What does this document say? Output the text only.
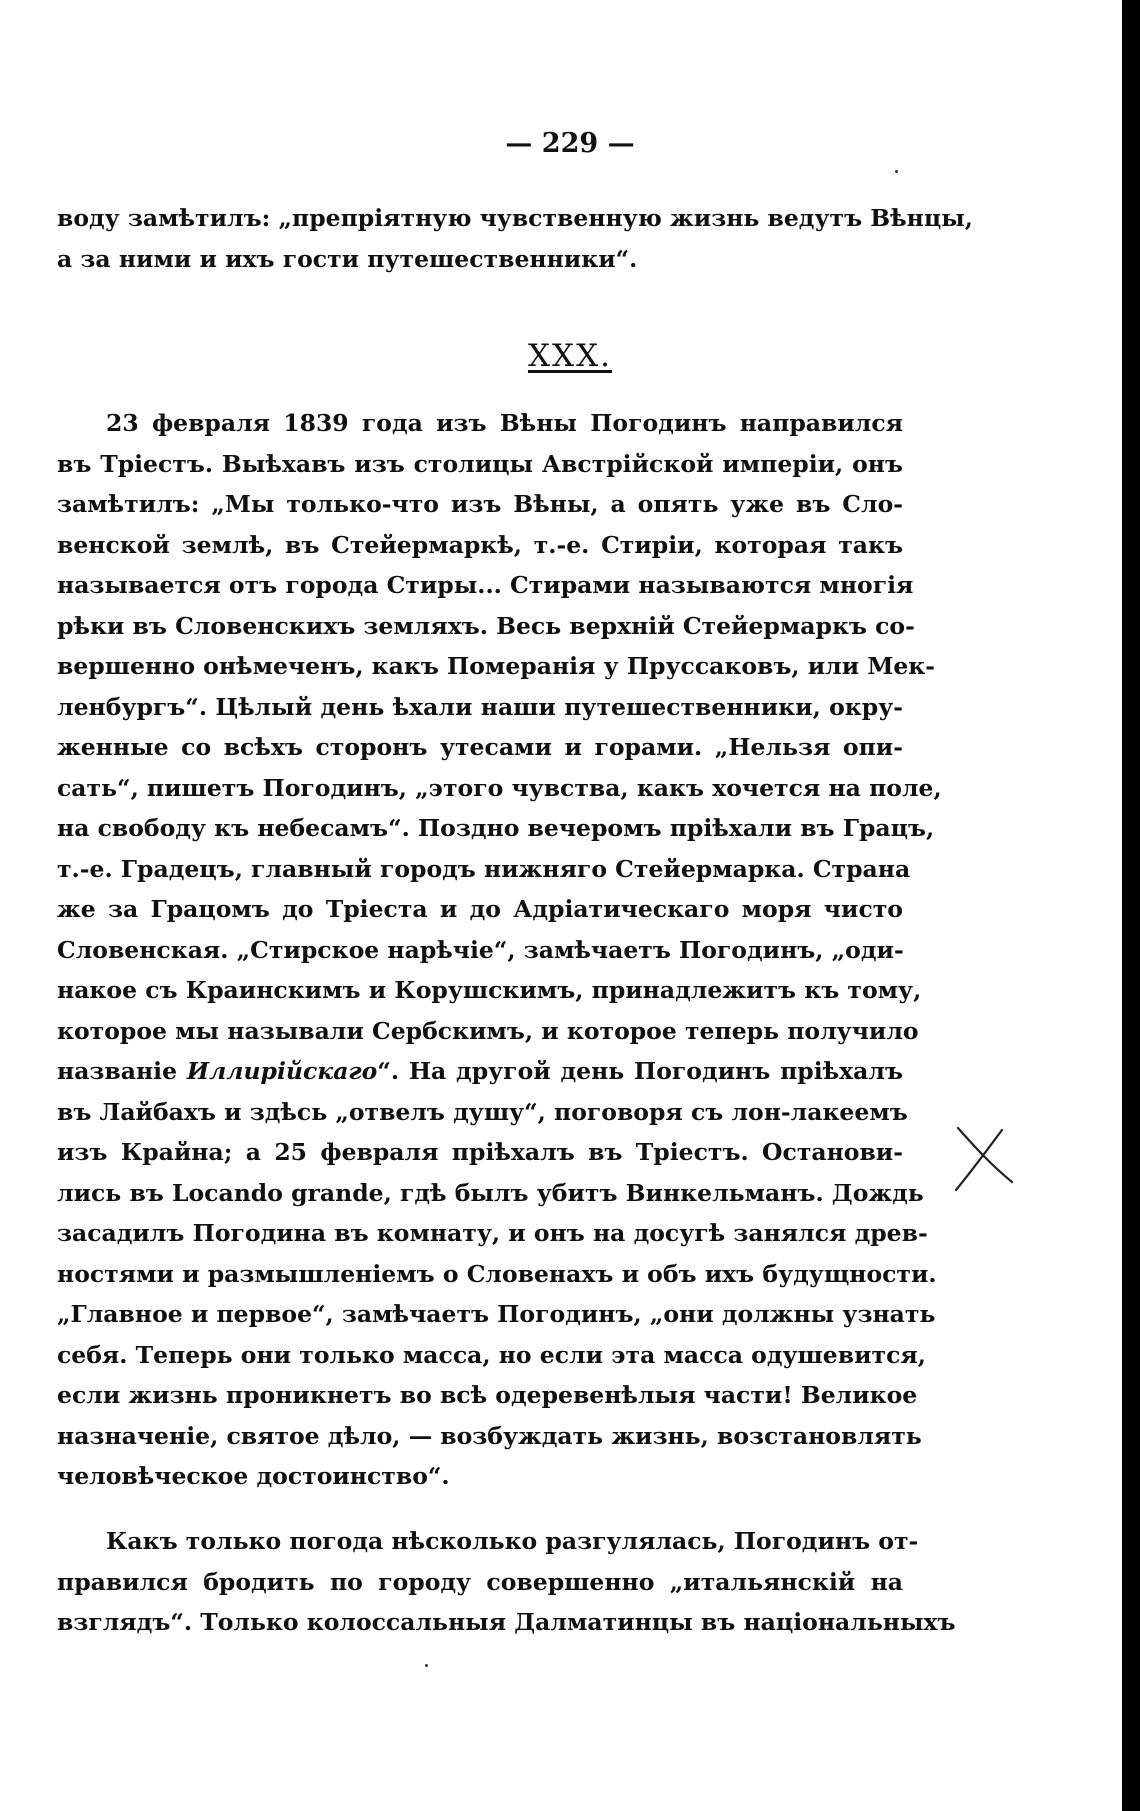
— 229 —
воду замѣтилъ: „препріятную чувственную жизнь ведутъ Вѣнцы,
а за ними и ихъ гости путешественники“.
XXX.
23 февраля 1839 года изъ Вѣны Погодинъ направился
въ Тріестъ. Выѣхавъ изъ столицы Австрійской имперіи, онъ
замѣтилъ: „Мы только-что изъ Вѣны, а опять уже въ Сло-
венской землѣ, въ Стейермаркѣ, т.-е. Стиріи, которая такъ
называется отъ города Стиры... Стирами называются многія
рѣки въ Словенскихъ земляхъ. Весь верхній Стейермаркъ со-
вершенно онѣмеченъ, какъ Померанія у Пруссаковъ, или Мек-
ленбургъ“. Цѣлый день ѣхали наши путешественники, окру-
женные со всѣхъ сторонъ утесами и горами. „Нельзя опи-
сать“, пишетъ Погодинъ, „этого чувства, какъ хочется на поле,
на свободу къ небесамъ“. Поздно вечеромъ пріѣхали въ Грацъ,
т.-е. Градецъ, главный городъ нижняго Стейермарка. Страна
же за Грацомъ до Тріеста и до Адріатическаго моря чисто
Словенская. „Стирское нарѣчіе“, замѣчаетъ Погодинъ, „оди-
накое съ Краинскимъ и Корушскимъ, принадлежитъ къ тому,
которое мы называли Сербскимъ, и которое теперь получило
названіе Иллирійскаго“. На другой день Погодинъ пріѣхалъ
въ Лайбахъ и здѣсь „отвелъ душу“, поговоря съ лон-лакеемъ
изъ Крайна; а 25 февраля пріѣхалъ въ Тріестъ. Останови-
лись въ Locando grande, гдѣ былъ убитъ Винкельманъ. Дождь
засадилъ Погодина въ комнату, и онъ на досугѣ занялся древ-
ностями и размышленіемъ о Словенахъ и объ ихъ будущности.
„Главное и первое“, замѣчаетъ Погодинъ, „они должны узнать
себя. Теперь они только масса, но если эта масса одушевится,
если жизнь проникнетъ во всѣ одеревенѣлыя части! Великое
назначеніе, святое дѣло, — возбуждать жизнь, возстановлять
человѣческое достоинство“.
Какъ только погода нѣсколько разгулялась, Погодинъ от-
правился бродить по городу совершенно „итальянскій на
взглядъ“. Только колоссальныя Далматинцы въ національныхъ
